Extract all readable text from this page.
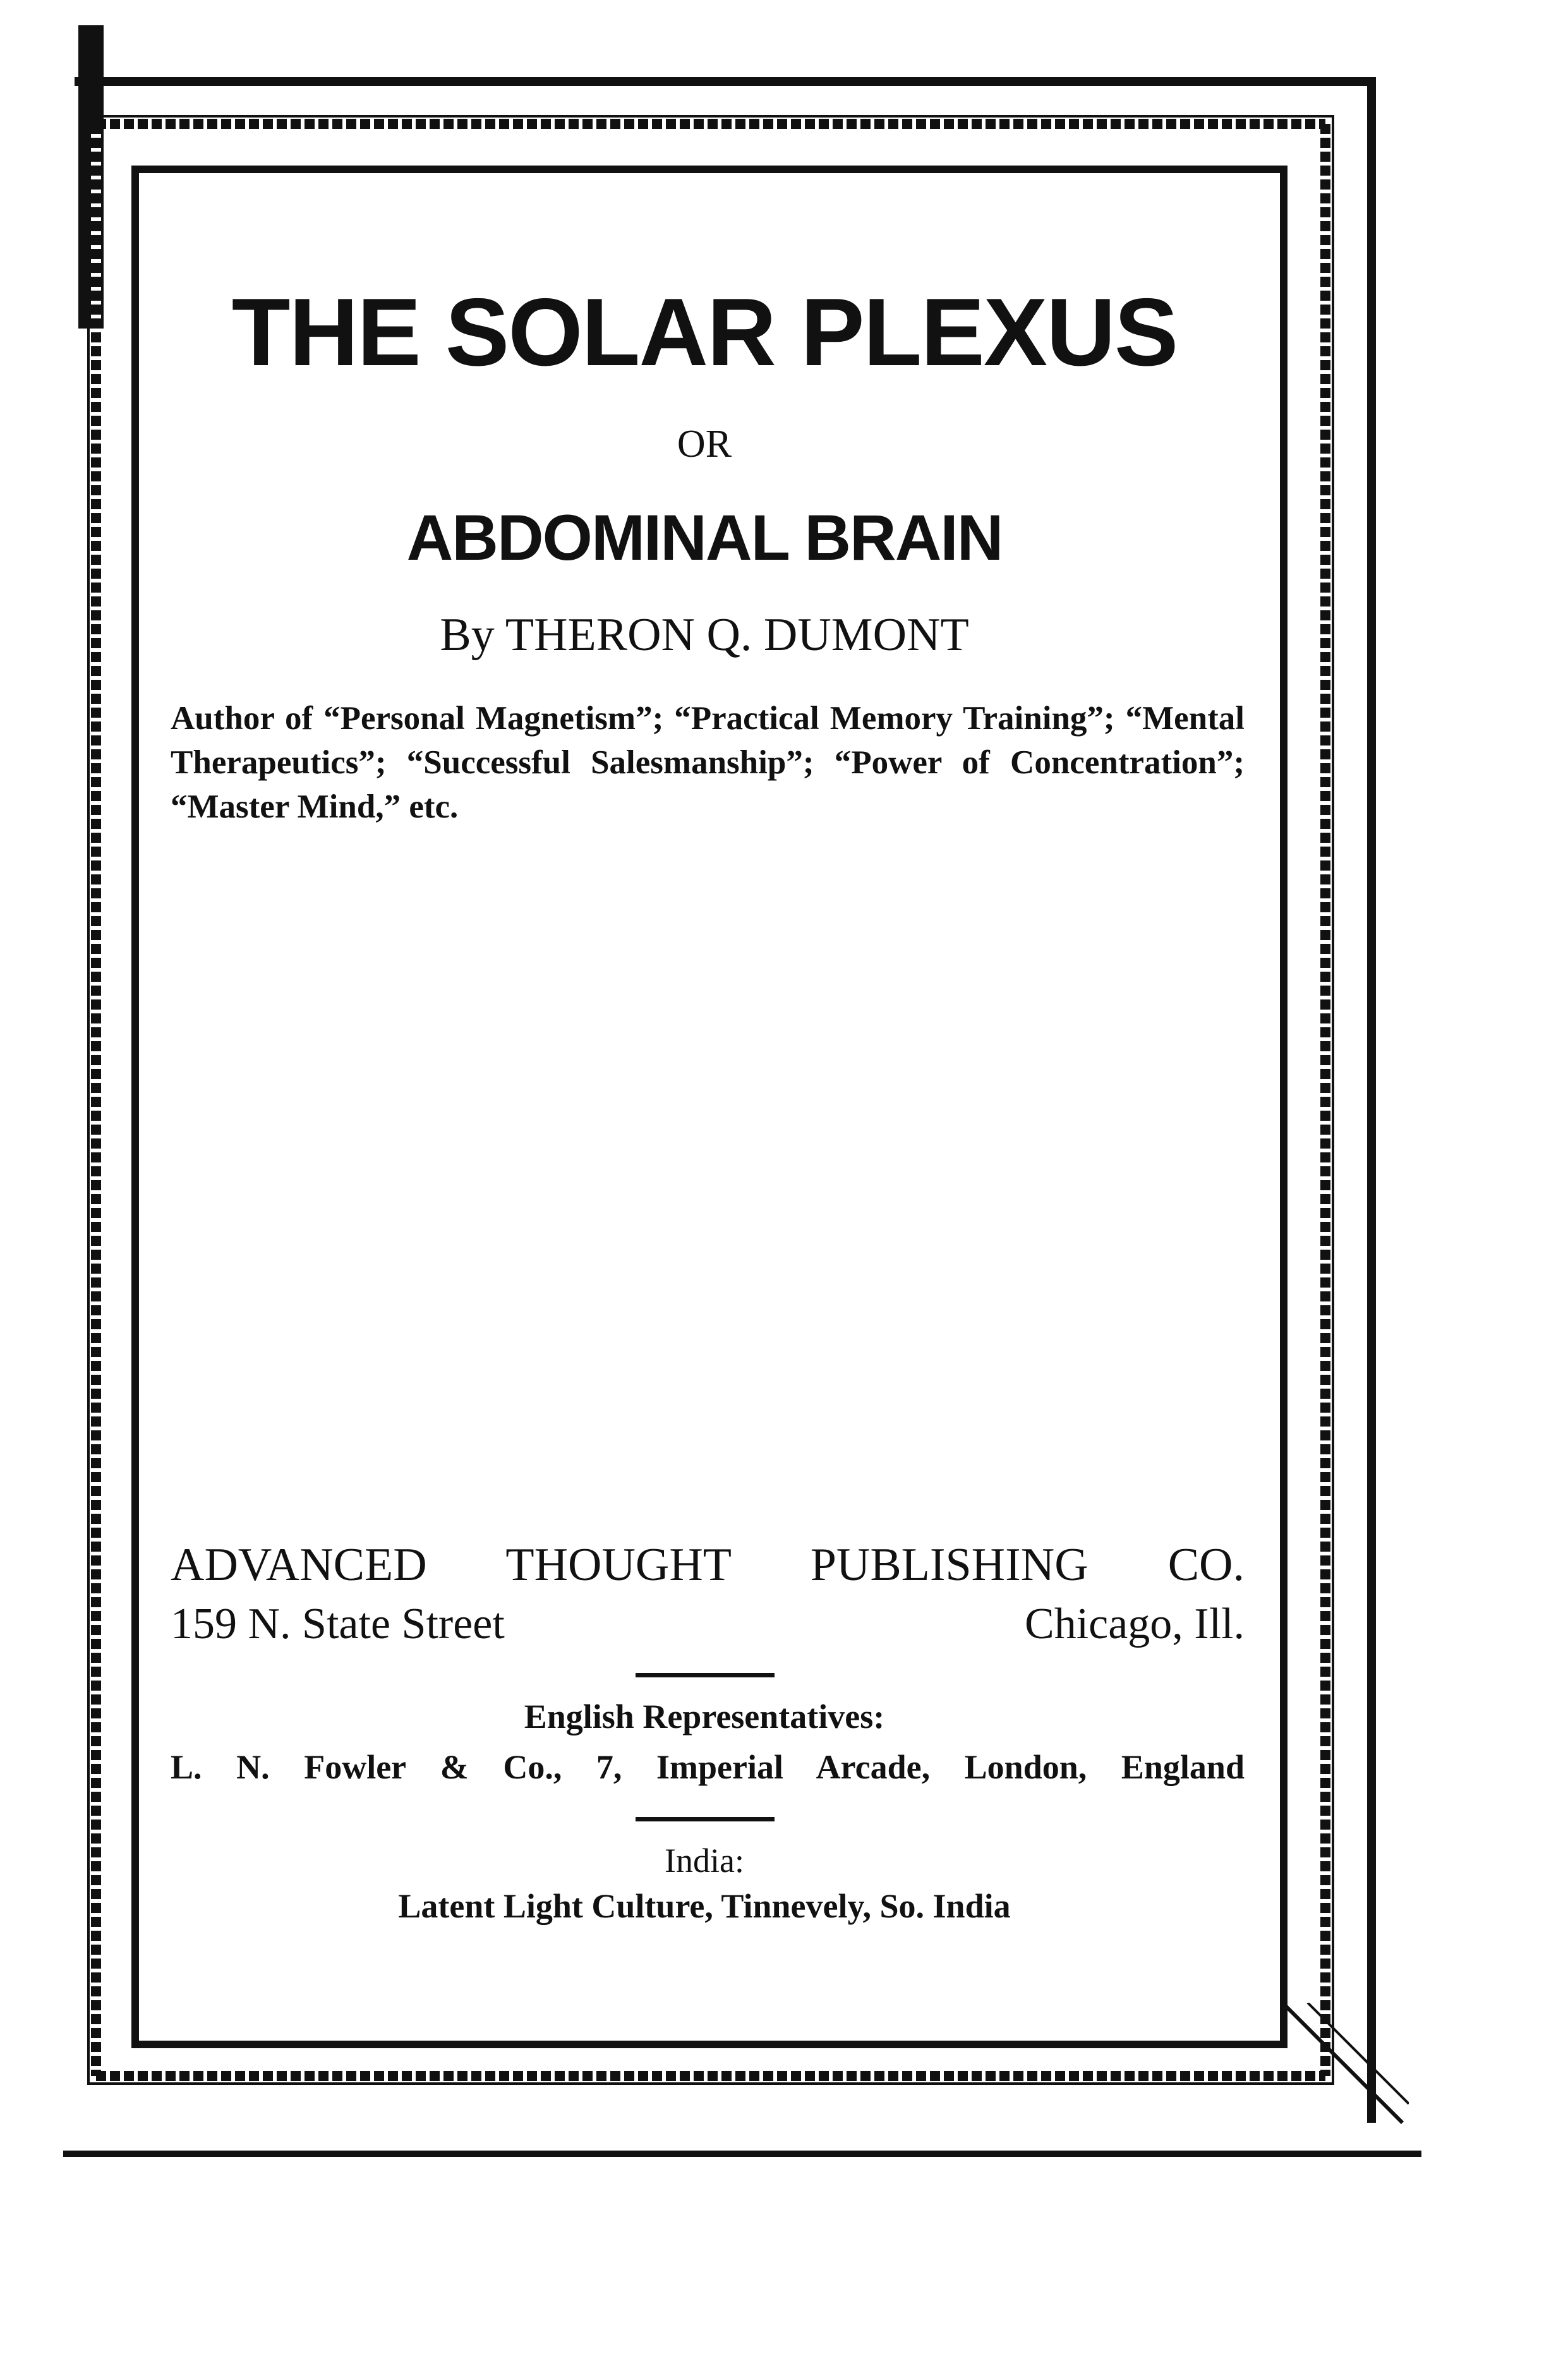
THE SOLAR PLEXUS

OR

ABDOMINAL BRAIN

By THERON Q. DUMONT

Author of “Personal Magnetism”; “Practical Memory Training”; “Mental Therapeutics”; “Successful Salesmanship”; “Power of Concentration”; “Master Mind,” etc.

ADVANCED THOUGHT PUBLISHING CO.

159 N. State Street	Chicago, Ill.

English Representatives:

L. N. Fowler & Co., 7, Imperial Arcade, London, England

India:

Latent Light Culture, Tinnevely, So. India
